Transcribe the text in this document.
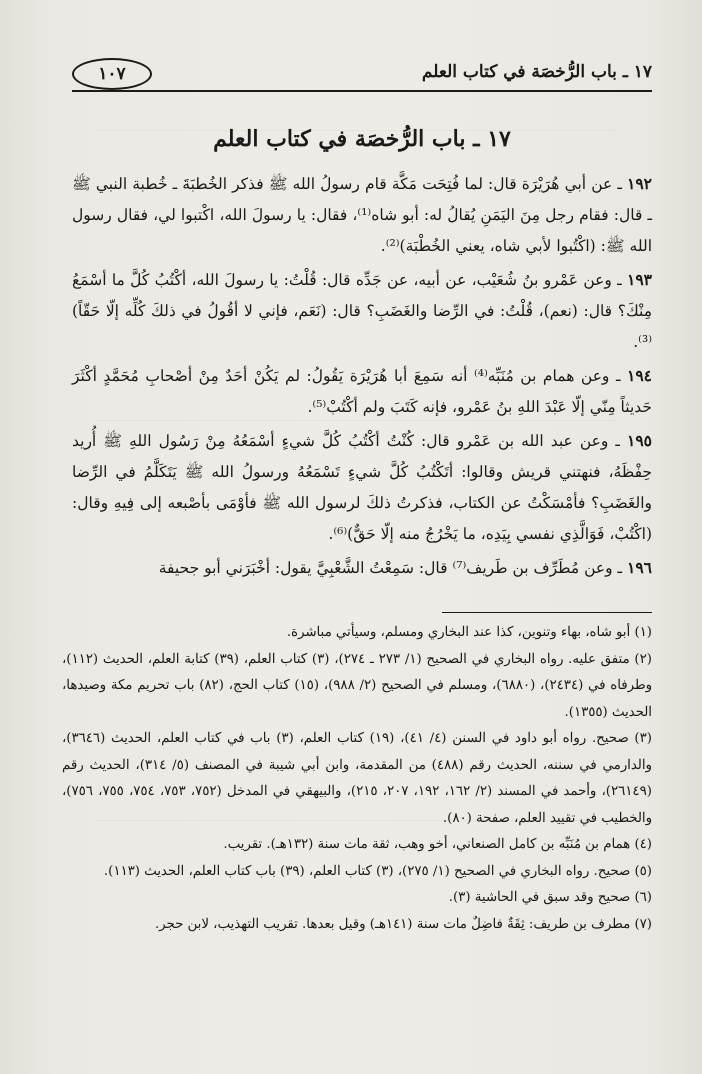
١٧ ـ باب الرُّخصَة في كتاب العلم
١٠٧
١٧ ـ باب الرُّخصَة في كتاب العلم

١٩٢ ـ عن أبي هُرَيْرَة قال: لما فُتِحَت مَكَّة قام رسولُ الله ﷺ فذكر الخُطبَةَ ـ خُطبة النبي ﷺ ـ قال: فقام رجل مِنَ اليَمَنِ يُقالُ له: أبو شاه⁽¹⁾، فقال: يا رسولَ الله، اكْتبوا لي، فقال رسول الله ﷺ: (اكْتُبوا لأبي شاه، يعني الخُطْبَة)⁽²⁾.

١٩٣ ـ وعن عَمْرو بنُ شُعَيْب، عن أبيه، عن جَدِّه قال: قُلْتُ: يا رسولَ الله، أكْتُبُ كُلَّ ما أسْمَعُ مِنْكَ؟ قال: (نعم)، قُلْتُ: في الرِّضا والغَضَبِ؟ قال: (نَعَم، فإني لا أقُولُ في ذلكَ كُلِّه إلّا حَقّاً)⁽³⁾.

١٩٤ ـ وعن همام بن مُنَبِّه⁽⁴⁾ أنه سَمِعَ أبا هُرَيْرَة يَقُولُ: لم يَكُنْ أحَدٌ مِنْ أصْحابِ مُحَمَّدٍ أكْثَرَ حَديثاً مِنّي إلّا عَبْدَ اللهِ بنُ عَمْرو، فإنه كَتَبَ ولم أكْتُبْ⁽⁵⁾.

١٩٥ ـ وعن عبد الله بن عَمْرو قال: كُنْتُ أكْتُبُ كُلَّ شيءٍ أسْمَعُهُ مِنْ رَسُول اللهِ ﷺ أُريد حِفْظَهُ، فنهتني قريش وقالوا: أتَكْتُبُ كُلَّ شيءٍ تَسْمَعُهُ ورسولُ الله ﷺ يَتَكَلَّمُ في الرِّضا والغَضَبِ؟ فأمْسَكْتُ عن الكتاب، فذكرتُ ذلكَ لرسول الله ﷺ فأوْمَى بأصْبعه إلى فِيهِ وقال: (اكْتُبْ، فَوَالَّذِي نفسي بِيَدِه، ما يَخْرُجُ منه إلّا حَقٌّ)⁽⁶⁾.

١٩٦ ـ وعن مُطَرِّف بن طَريف⁽⁷⁾ قال: سَمِعْتُ الشَّعْبِيَّ يقول: أخْبَرَني أبو جحيفة

(١) أبو شاه، بهاء وتنوين، كذا عند البخاري ومسلم، وسيأتي مباشرة.

(٢) متفق عليه. رواه البخاري في الصحيح (١/ ٢٧٣ ـ ٢٧٤)، (٣) كتاب العلم، (٣٩) كتابة العلم، الحديث (١١٢)، وطرفاه في (٢٤٣٤)، (٦٨٨٠)، ومسلم في الصحيح (٢/ ٩٨٨)، (١٥) كتاب الحج، (٨٢) باب تحريم مكة وصيدها، الحديث (١٣٥٥).

(٣) صحيح. رواه أبو داود في السنن (٤/ ٤١)، (١٩) كتاب العلم، (٣) باب في كتاب العلم، الحديث (٣٦٤٦)، والدارمي في سننه، الحديث رقم (٤٨٨) من المقدمة، وابن أبي شيبة في المصنف (٥/ ٣١٤)، الحديث رقم (٢٦١٤٩)، وأحمد في المسند (٢/ ١٦٢، ١٩٢، ٢٠٧، ٢١٥)، والبيهقي في المدخل (٧٥٢، ٧٥٣، ٧٥٤، ٧٥٥، ٧٥٦)، والخطيب في تقييد العلم، صفحة (٨٠).

(٤) همام بن مُنَبِّه بن كامل الصنعاني، أخو وهب، ثقة مات سنة (١٣٢هـ). تقريب.

(٥) صحيح. رواه البخاري في الصحيح (١/ ٢٧٥)، (٣) كتاب العلم، (٣٩) باب كتاب العلم، الحديث (١١٣).

(٦) صحيح وقد سبق في الحاشية (٣).

(٧) مطرف بن طريف: ثِقَةٌ فاضِلٌ مات سنة (١٤١هـ) وقيل بعدها. تقريب التهذيب، لابن حجر.
